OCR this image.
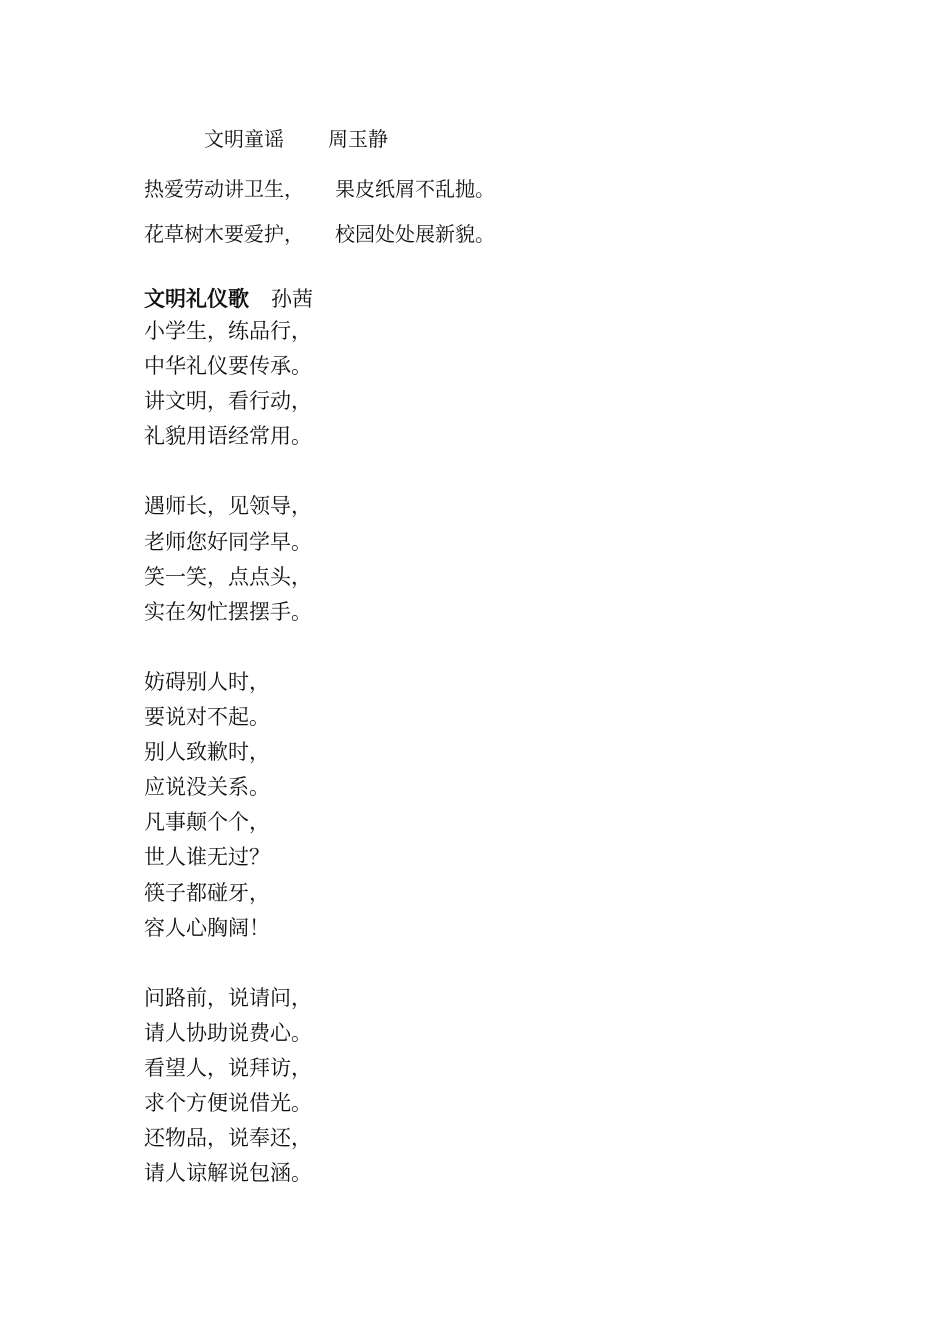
文明童谣 周玉静
热爱劳动讲卫生， 果皮纸屑不乱抛。
花草树木要爱护， 校园处处展新貌。
文明礼仪歌 孙茜
小学生，练品行，
中华礼仪要传承。
讲文明，看行动，
礼貌用语经常用。
遇师长，见领导，
老师您好同学早。
笑一笑，点点头，
实在匆忙摆摆手。
妨碍别人时，
要说对不起。
别人致歉时，
应说没关系。
凡事颠个个，
世人谁无过？
筷子都碰牙，
容人心胸阔！
问路前，说请问，
请人协助说费心。
看望人，说拜访，
求个方便说借光。
还物品，说奉还，
请人谅解说包涵。
